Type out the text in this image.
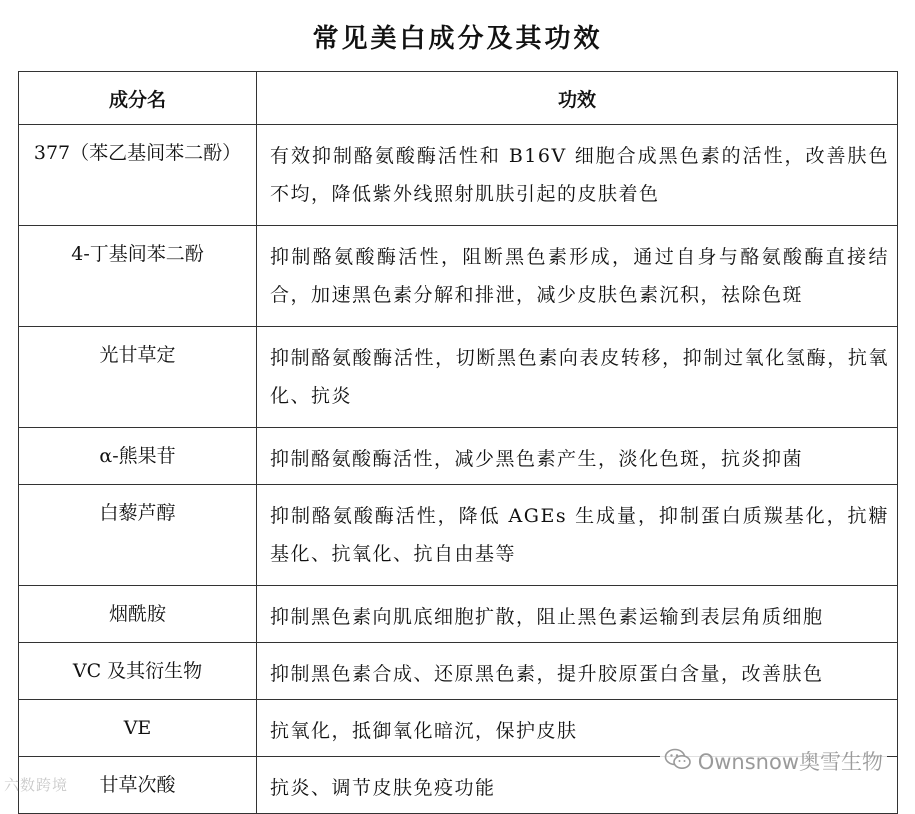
常见美白成分及其功效
成分名	功效
377（苯乙基间苯二酚）	有效抑制酪氨酸酶活性和 B16V 细胞合成黑色素的活性，改善肤色不均，降低紫外线照射肌肤引起的皮肤着色
4-丁基间苯二酚	抑制酪氨酸酶活性，阻断黑色素形成，通过自身与酪氨酸酶直接结合，加速黑色素分解和排泄，减少皮肤色素沉积，祛除色斑
光甘草定	抑制酪氨酸酶活性，切断黑色素向表皮转移，抑制过氧化氢酶，抗氧化、抗炎
α-熊果苷	抑制酪氨酸酶活性，减少黑色素产生，淡化色斑，抗炎抑菌
白藜芦醇	抑制酪氨酸酶活性，降低 AGEs 生成量，抑制蛋白质羰基化，抗糖基化、抗氧化、抗自由基等
烟酰胺	抑制黑色素向肌底细胞扩散，阻止黑色素运输到表层角质细胞
VC 及其衍生物	抑制黑色素合成、还原黑色素，提升胶原蛋白含量，改善肤色
VE	抗氧化，抵御氧化暗沉，保护皮肤
甘草次酸	抗炎、调节皮肤免疫功能
六数跨境
Ownsnow奥雪生物
